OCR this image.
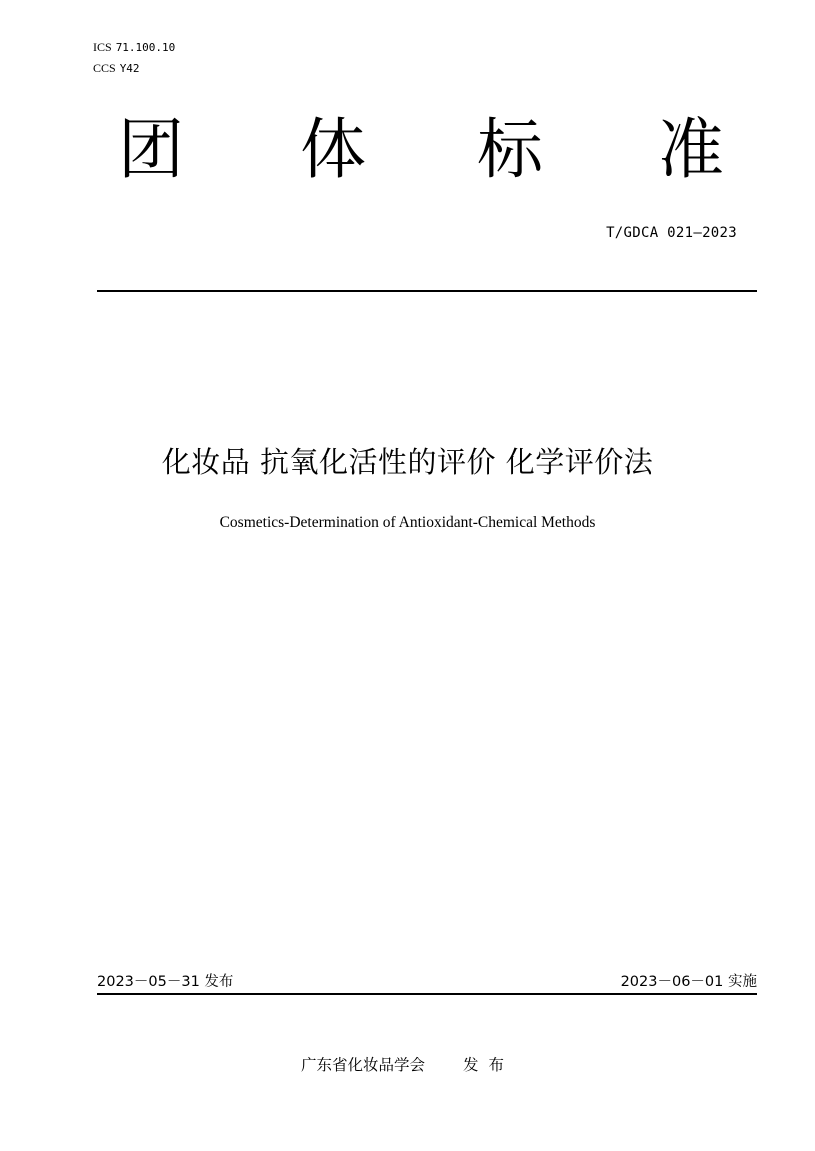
ICS 71.100.10
CCS Y42
团 体 标 准
T/GDCA 021—2023
化妆品 抗氧化活性的评价 化学评价法
Cosmetics-Determination of Antioxidant-Chemical Methods
2023－05－31 发布	2023－06－01 实施
广东省化妆品学会 发布
